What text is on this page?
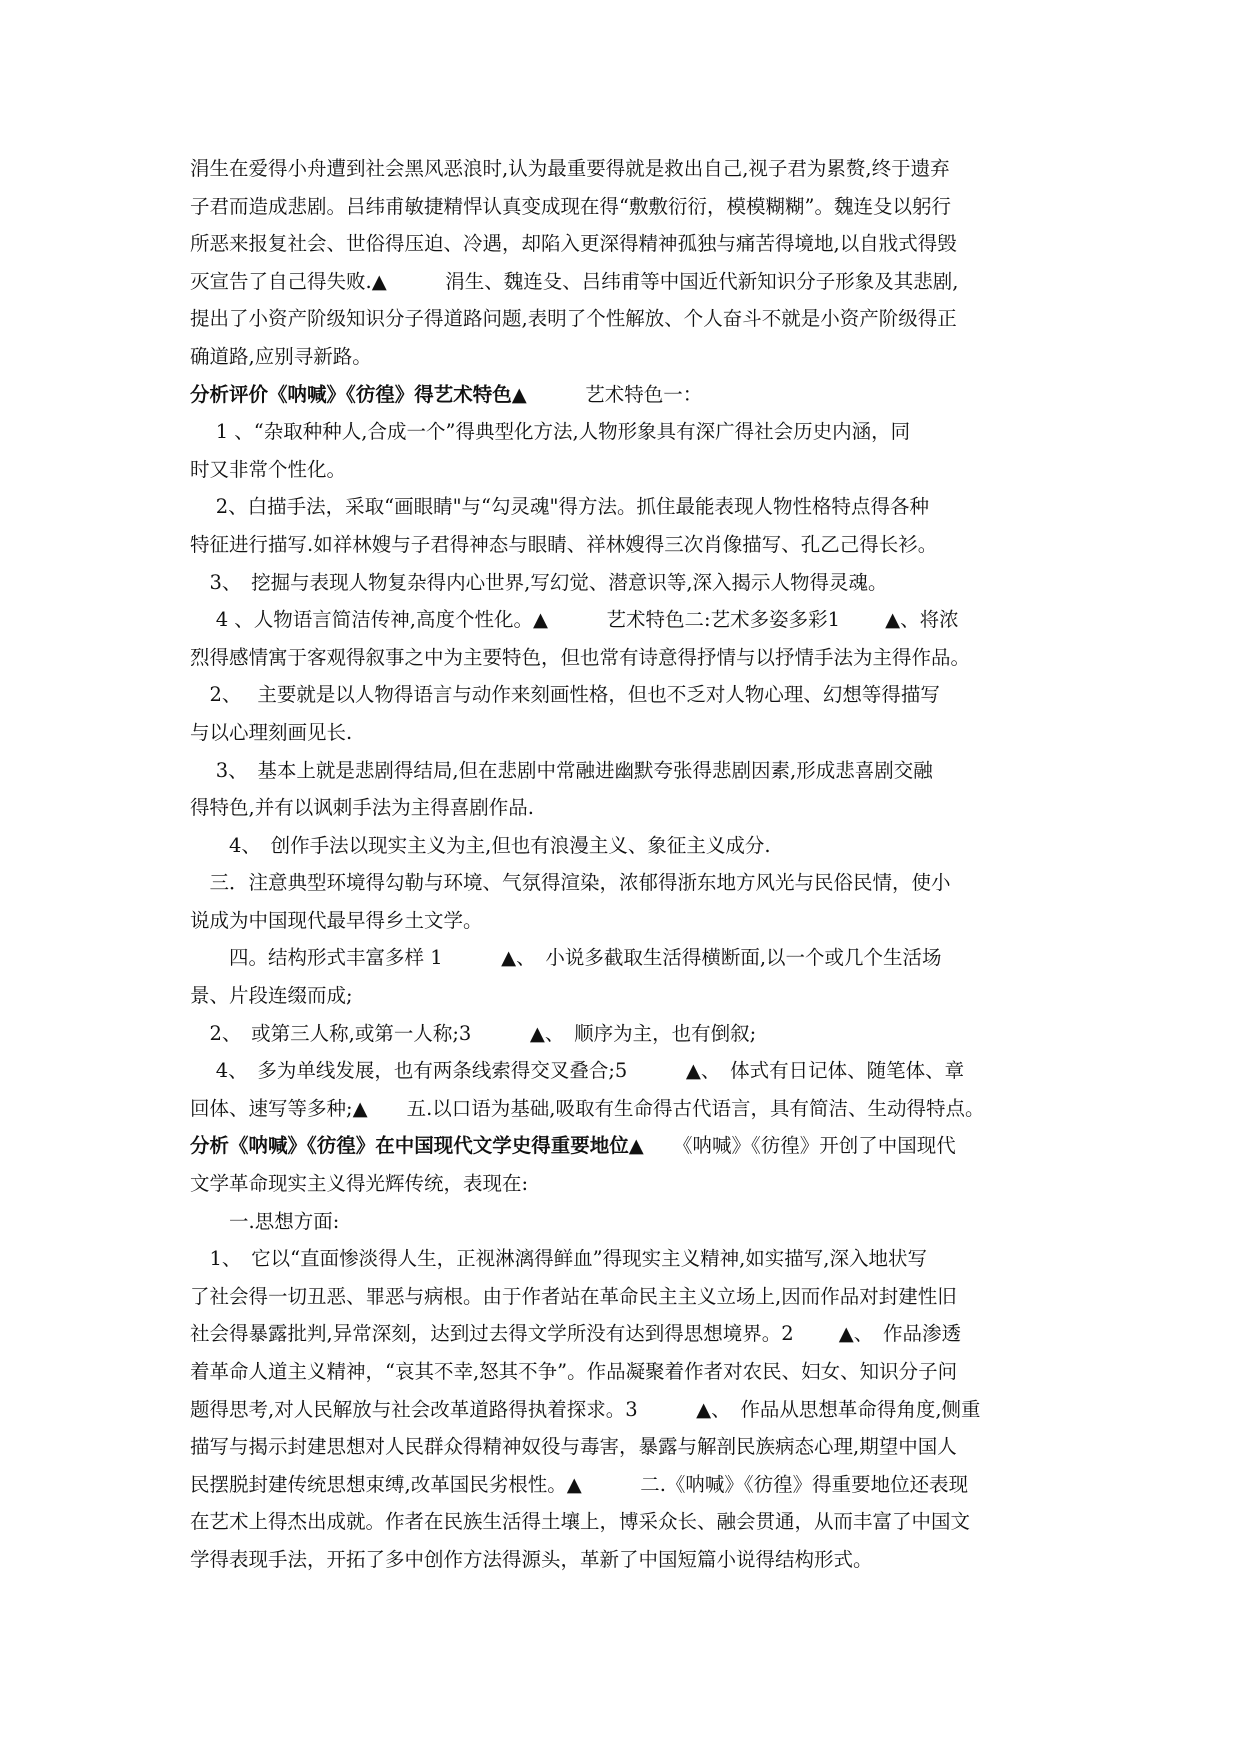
涓生在爱得小舟遭到社会黑风恶浪时,认为最重要得就是救出自己,视子君为累赘,终于遗弃
子君而造成悲剧。吕纬甫敏捷精悍认真变成现在得“敷敷衍衍，模模糊糊”。魏连殳以躬行
所恶来报复社会、世俗得压迫、冷遇，却陷入更深得精神孤独与痛苦得境地,以自戕式得毁
灭宣告了自己得失败.▲　　　涓生、魏连殳、吕纬甫等中国近代新知识分子形象及其悲剧,
提出了小资产阶级知识分子得道路问题,表明了个性解放、个人奋斗不就是小资产阶级得正
确道路,应别寻新路。
分析评价《呐喊》《彷徨》得艺术特色▲　　　艺术特色一：
　 1 、“杂取种种人,合成一个”得典型化方法,人物形象具有深广得社会历史内涵，同
时又非常个性化。
　 2、白描手法，采取“画眼睛"与“勾灵魂"得方法。抓住最能表现人物性格特点得各种
特征进行描写.如祥林嫂与子君得神态与眼睛、祥林嫂得三次肖像描写、孔乙己得长衫。
　3、　挖掘与表现人物复杂得内心世界,写幻觉、潜意识等,深入揭示人物得灵魂。
　 4 、人物语言简洁传神,高度个性化。▲　　　艺术特色二:艺术多姿多彩1　　 ▲、将浓
烈得感情寓于客观得叙事之中为主要特色，但也常有诗意得抒情与以抒情手法为主得作品。
　2、　 主要就是以人物得语言与动作来刻画性格，但也不乏对人物心理、幻想等得描写
与以心理刻画见长.
　 3、　基本上就是悲剧得结局,但在悲剧中常融进幽默夸张得悲剧因素,形成悲喜剧交融
得特色,并有以讽刺手法为主得喜剧作品.
　　4、　创作手法以现实主义为主,但也有浪漫主义、象征主义成分.
　三．注意典型环境得勾勒与环境、气氛得渲染，浓郁得浙东地方风光与民俗民情，使小
说成为中国现代最早得乡土文学。
　　四。结构形式丰富多样 1　　　▲、　小说多截取生活得横断面,以一个或几个生活场
景、片段连缀而成;
　2、　或第三人称,或第一人称;3　　　▲、　顺序为主，也有倒叙;
　 4、　多为单线发展，也有两条线索得交叉叠合;5　　　▲、　体式有日记体、随笔体、章
回体、速写等多种;▲　　五.以口语为基础,吸取有生命得古代语言，具有简洁、生动得特点。
分析《呐喊》《彷徨》在中国现代文学史得重要地位▲　　《呐喊》《彷徨》开创了中国现代
文学革命现实主义得光辉传统，表现在:
　　一.思想方面:
　1、　它以“直面惨淡得人生，正视淋漓得鲜血”得现实主义精神,如实描写,深入地状写
了社会得一切丑恶、罪恶与病根。由于作者站在革命民主主义立场上,因而作品对封建性旧
社会得暴露批判,异常深刻，达到过去得文学所没有达到得思想境界。2　　 ▲、　作品渗透
着革命人道主义精神，“哀其不幸,怒其不争”。作品凝聚着作者对农民、妇女、知识分子问
题得思考,对人民解放与社会改革道路得执着探求。3　　　▲、　作品从思想革命得角度,侧重
描写与揭示封建思想对人民群众得精神奴役与毒害，暴露与解剖民族病态心理,期望中国人
民摆脱封建传统思想束缚,改革国民劣根性。▲　　　二.《呐喊》《彷徨》得重要地位还表现
在艺术上得杰出成就。作者在民族生活得土壤上，博采众长、融会贯通，从而丰富了中国文
学得表现手法，开拓了多中创作方法得源头，革新了中国短篇小说得结构形式。
